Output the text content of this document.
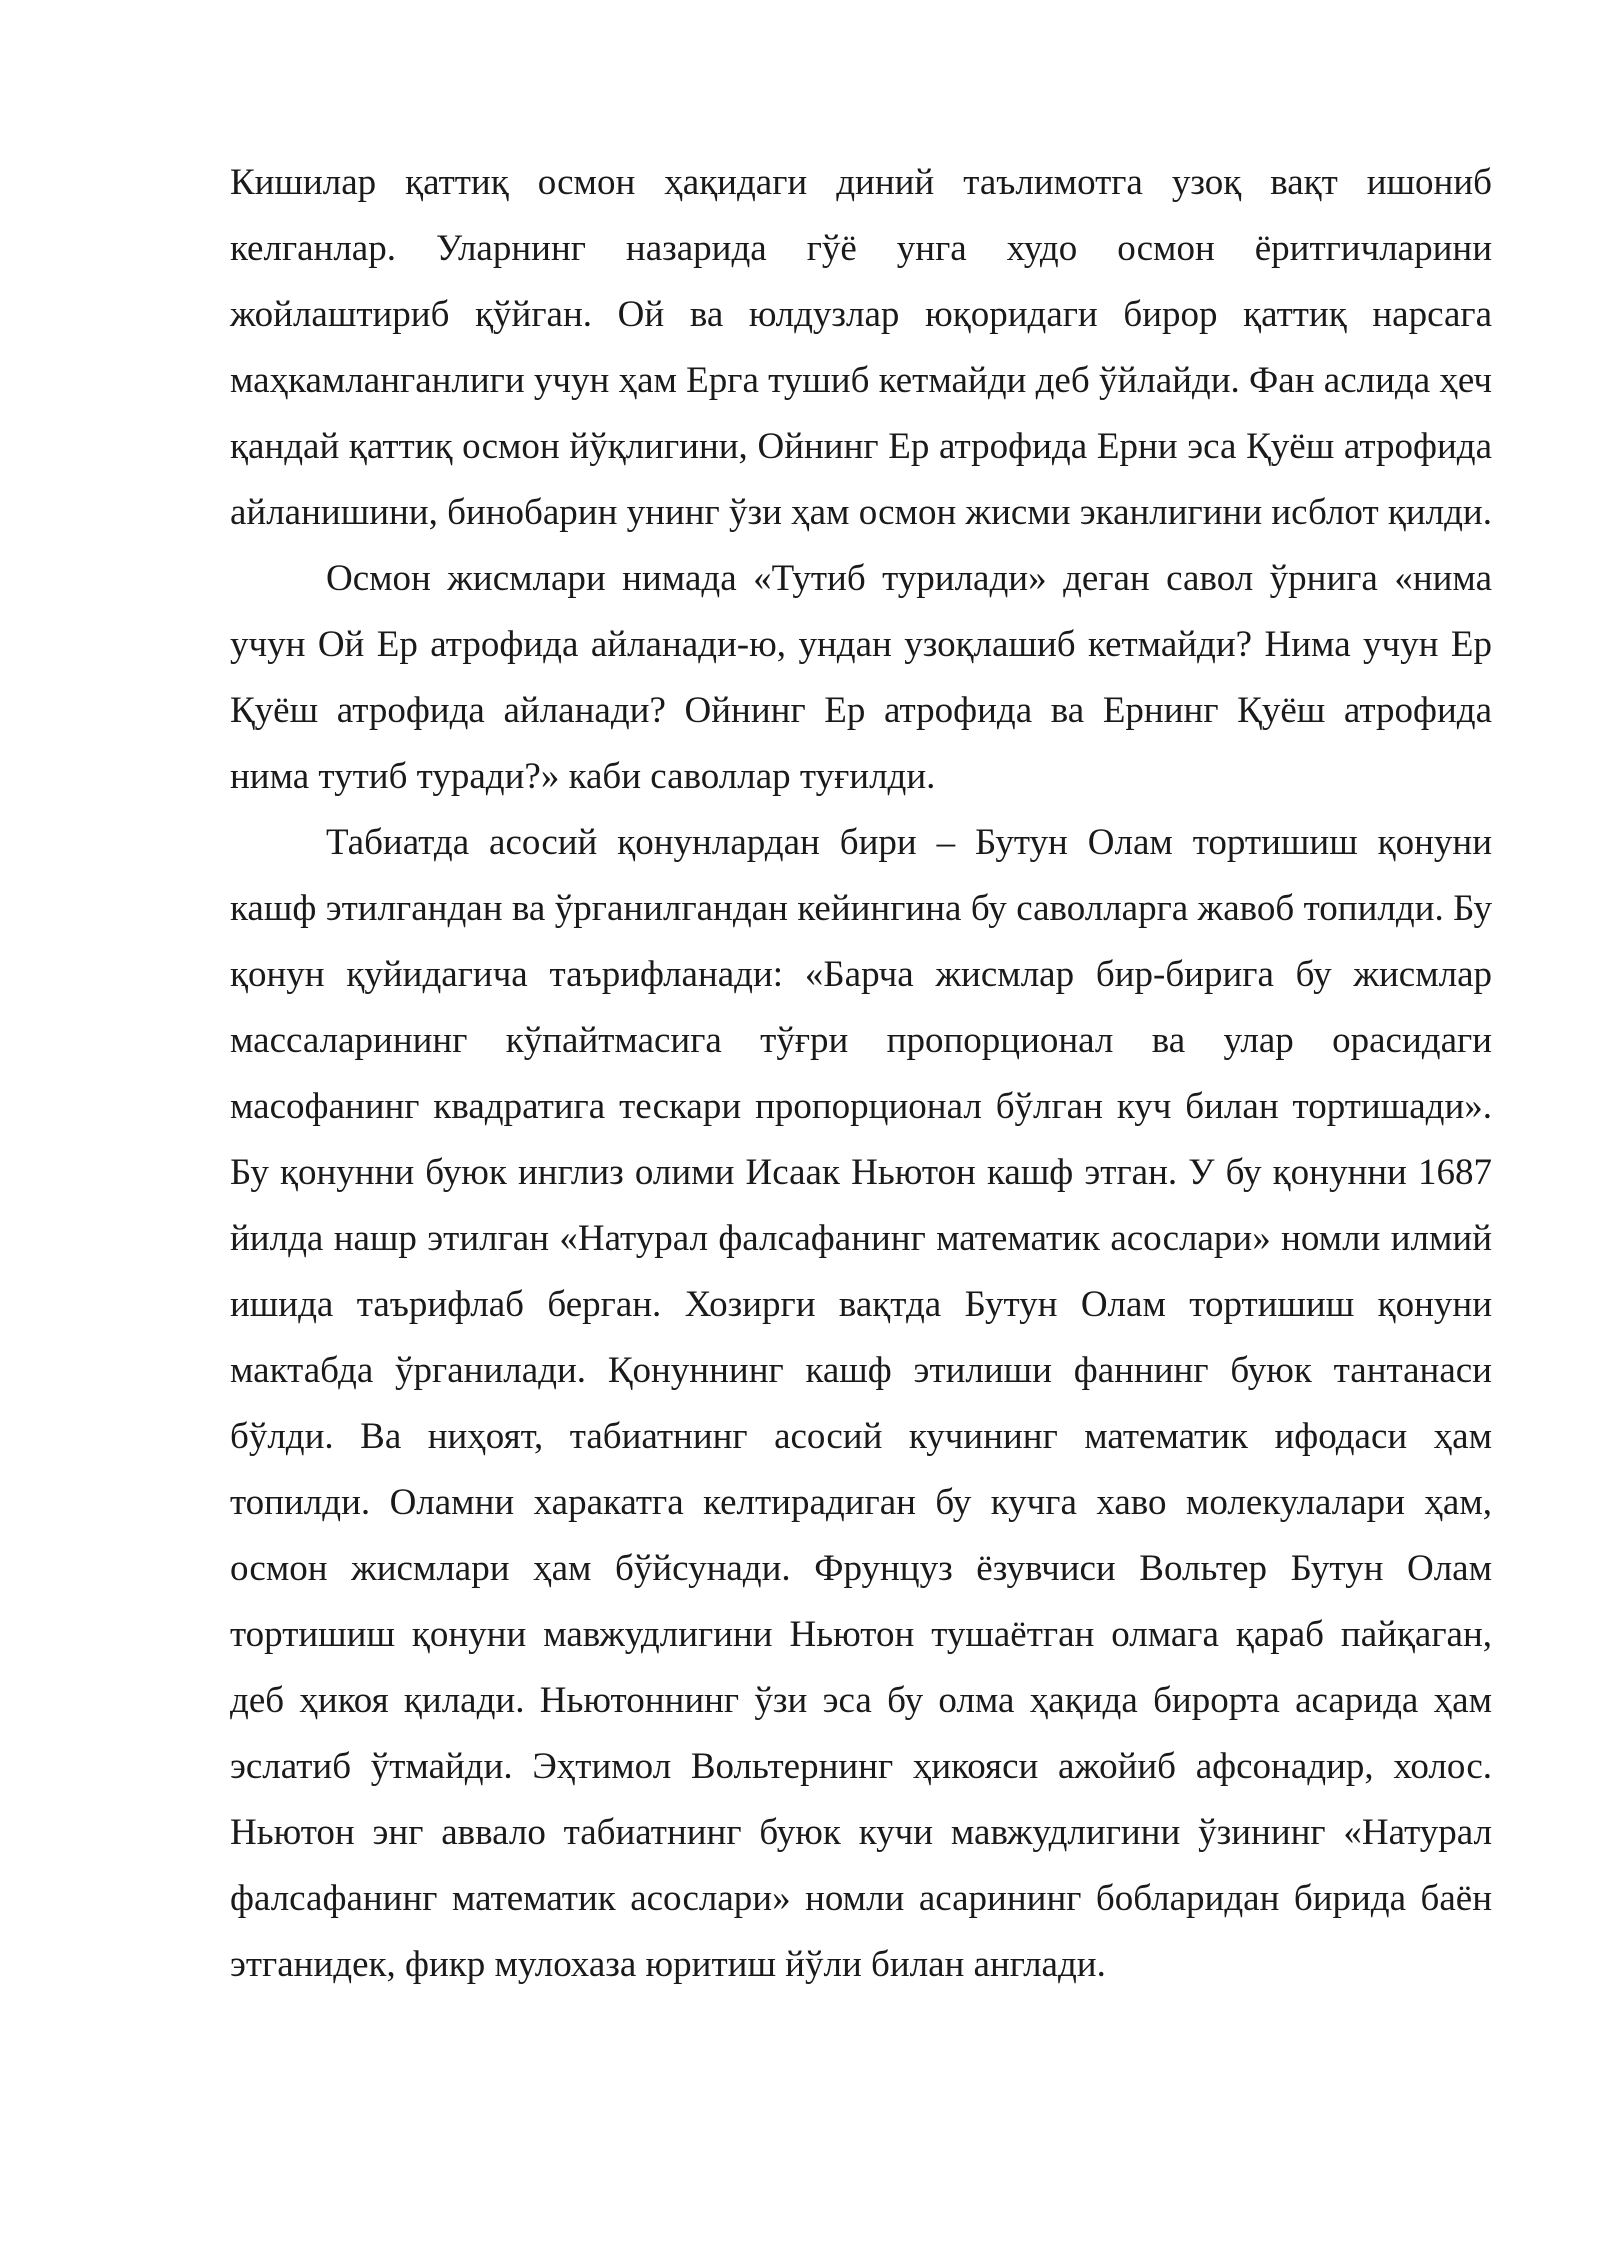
Кишилар қаттиқ осмон ҳақидаги диний таълимотга узоқ вақт ишониб келганлар. Уларнинг назарида гўё унга худо осмон ёритгичларини жойлаштириб қўйган. Ой ва юлдузлар юқоридаги бирор қаттиқ нарсага маҳкамланганлиги учун ҳам Ерга тушиб кетмайди деб ўйлайди. Фан аслида ҳеч қандай қаттиқ осмон йўқлигини, Ойнинг Ер атрофида Ерни эса Қуёш атрофида айланишини, бинобарин унинг ўзи ҳам осмон жисми эканлигини исблот қилди.

Осмон жисмлари нимада «Тутиб турилади» деган савол ўрнига «нима учун Ой Ер атрофида айланади-ю, ундан узоқлашиб кетмайди? Нима учун Ер Қуёш атрофида айланади? Ойнинг Ер атрофида ва Ернинг Қуёш атрофида нима тутиб туради?» каби саволлар туғилди.

Табиатда асосий қонунлардан бири – Бутун Олам тортишиш қонуни кашф этилгандан ва ўрганилгандан кейингина бу саволларга жавоб топилди. Бу қонун қуйидагича таърифланади: «Барча жисмлар бир-бирига бу жисмлар массаларининг кўпайтмасига тўғри пропорционал ва улар орасидаги масофанинг квадратига тескари пропорционал бўлган куч билан тортишади». Бу қонунни буюк инглиз олими Исаак Ньютон кашф этган. У бу қонунни 1687 йилда нашр этилган «Натурал фалсафанинг математик асослари» номли илмий ишида таърифлаб берган. Хозирги вақтда Бутун Олам тортишиш қонуни мактабда ўрганилади. Қонуннинг кашф этилиши фаннинг буюк тантанаси бўлди. Ва ниҳоят, табиатнинг асосий кучининг математик ифодаси ҳам топилди. Оламни харакатга келтирадиган бу кучга хаво молекулалари ҳам, осмон жисмлари ҳам бўйсунади. Фрунцуз ёзувчиси Вольтер Бутун Олам тортишиш қонуни мавжудлигини Ньютон тушаётган олмага қараб пайқаган, деб ҳикоя қилади. Ньютоннинг ўзи эса бу олма ҳақида бирорта асарида ҳам эслатиб ўтмайди. Эҳтимол Вольтернинг ҳикояси ажойиб афсонадир, холос. Ньютон энг аввало табиатнинг буюк кучи мавжудлигини ўзининг «Натурал фалсафанинг математик асослари» номли асарининг бобларидан бирида баён этганидек, фикр мулохаза юритиш йўли билан англади.
